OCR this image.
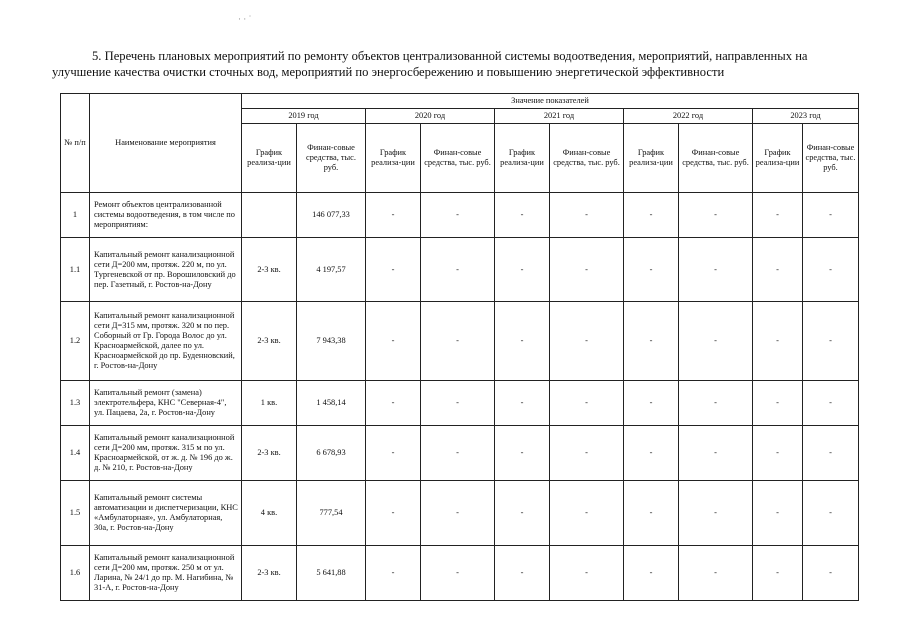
· · ˙
5. Перечень плановых мероприятий по ремонту объектов централизованной системы водоотведения, мероприятий, направленных на улучшение качества очистки сточных вод, мероприятий по энергосбережению и повышению энергетической эффективности
№ п/п	Наименование мероприятия	Значение показателей									
		2019 год		2020 год		2021 год		2022 год		2023 год	
		График реализа-ции	Финан-совые средства, тыс. руб.	График реализа-ции	Финан-совые средства, тыс. руб.	График реализа-ции	Финан-совые средства, тыс. руб.	График реализа-ции	Финан-совые средства, тыс. руб.	График реализа-ции	Финан-совые средства, тыс. руб.
1	Ремонт объектов централизованной системы водоотведения, в том числе по мероприятиям:		146 077,33	-	-	-	-	-	-	-	-
1.1	Капитальный ремонт канализационной сети Д=200 мм, протяж. 220 м, по ул. Тургеневской от пр. Ворошиловский до пер. Газетный, г. Ростов-на-Дону	2-3 кв.	4 197,57	-	-	-	-	-	-	-	-
1.2	Капитальный ремонт канализационной сети Д=315 мм, протяж. 320 м по пер. Соборный от Гр. Города Волос до ул. Красноармейской, далее по ул. Красноармейской до пр. Буденновский, г. Ростов-на-Дону	2-3 кв.	7 943,38	-	-	-	-	-	-	-	-
1.3	Капитальный ремонт (замена) электротельфера, КНС "Северная-4", ул. Пацаева, 2а, г. Ростов-на-Дону	1 кв.	1 458,14	-	-	-	-	-	-	-	-
1.4	Капитальный ремонт канализационной сети Д=200 мм, протяж. 315 м по ул. Красноармейской, от ж. д. № 196 до ж. д. № 210, г. Ростов-на-Дону	2-3 кв.	6 678,93	-	-	-	-	-	-	-	-
1.5	Капитальный ремонт системы автоматизации и диспетчеризации, КНС «Амбулаторная», ул. Амбулаторная, 30а, г. Ростов-на-Дону	4 кв.	777,54	-	-	-	-	-	-	-	-
1.6	Капитальный ремонт канализационной сети Д=200 мм, протяж. 250 м от ул. Ларина, № 24/1 до пр. М. Нагибина, № 31-А, г. Ростов-на-Дону	2-3 кв.	5 641,88	-	-	-	-	-	-	-	-
